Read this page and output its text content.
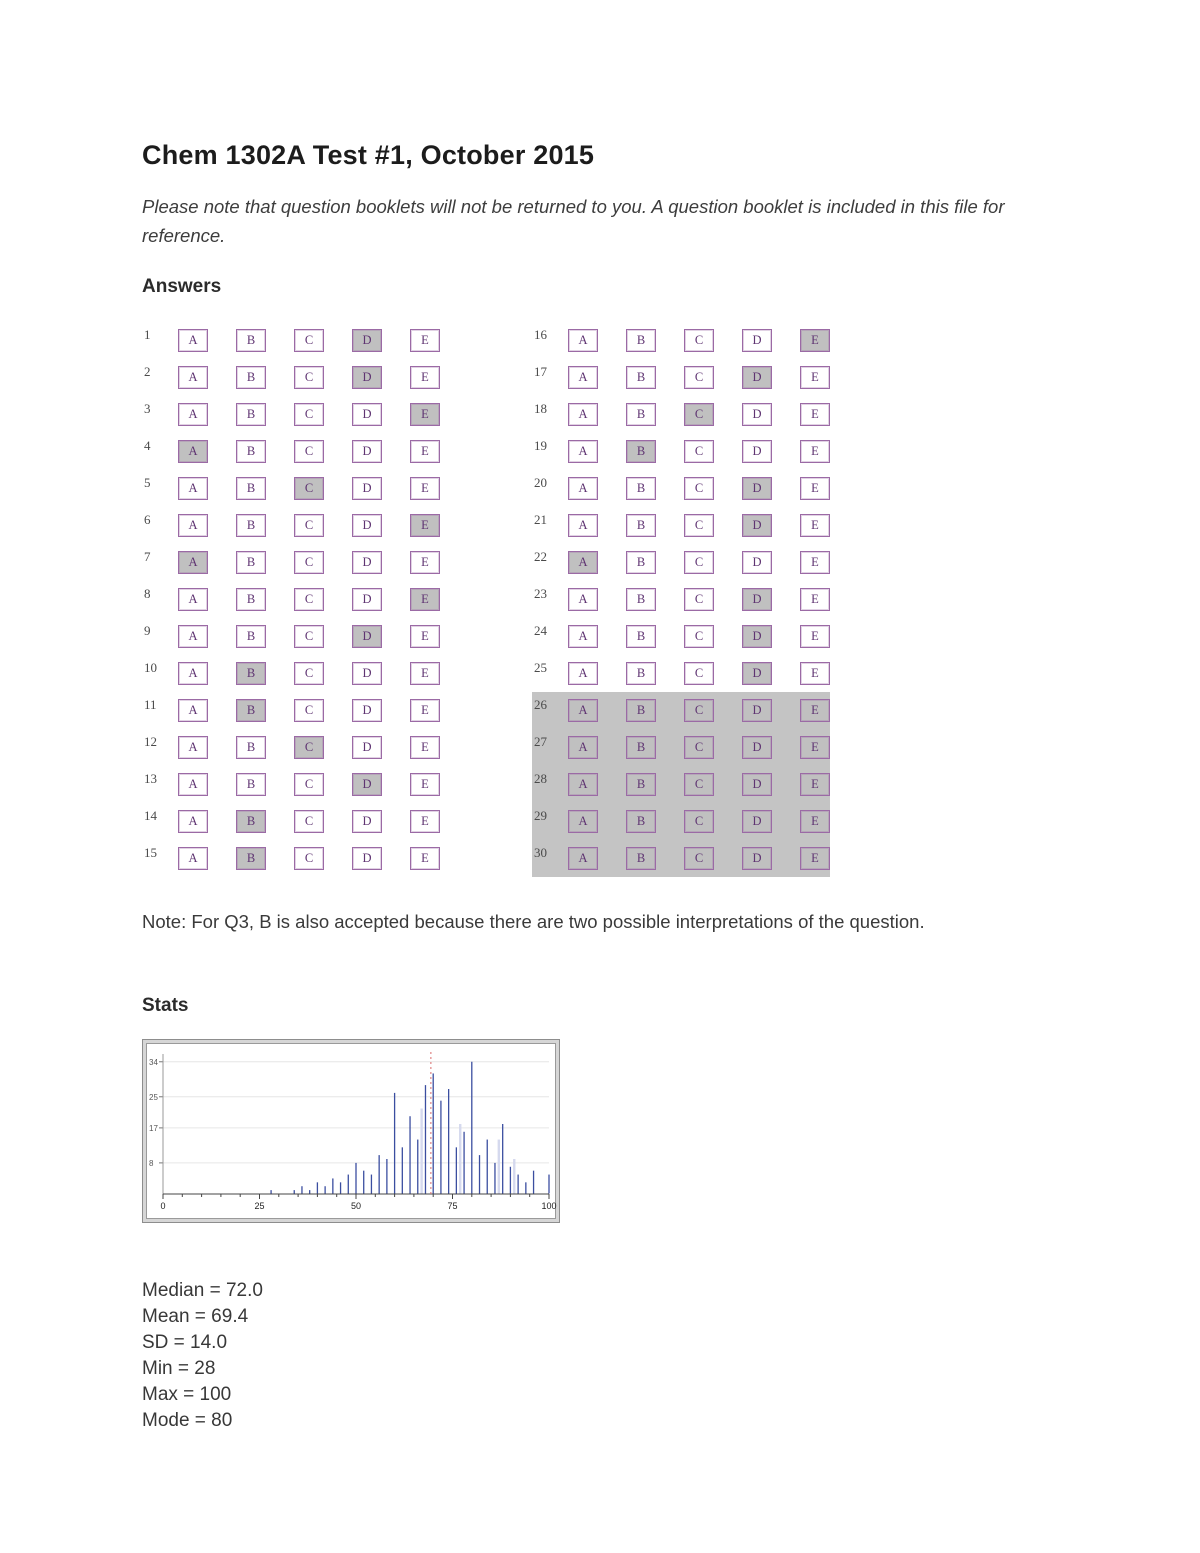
Chem 1302A Test #1, October 2015

Please note that question booklets will not be returned to you. A question booklet is included in this file for reference.

Answers
1	A	B	C	D	E
2	A	B	C	D	E
3	A	B	C	D	E
4	A	B	C	D	E
5	A	B	C	D	E
6	A	B	C	D	E
7	A	B	C	D	E
8	A	B	C	D	E
9	A	B	C	D	E
10	A	B	C	D	E
11	A	B	C	D	E
12	A	B	C	D	E
13	A	B	C	D	E
14	A	B	C	D	E
15	A	B	C	D	E
16	A	B	C	D	E
17	A	B	C	D	E
18	A	B	C	D	E
19	A	B	C	D	E
20	A	B	C	D	E
21	A	B	C	D	E
22	A	B	C	D	E
23	A	B	C	D	E
24	A	B	C	D	E
25	A	B	C	D	E
26	A	B	C	D	E
27	A	B	C	D	E
28	A	B	C	D	E
29	A	B	C	D	E
30	A	B	C	D	E

Note: For Q3, B is also accepted because there are two possible interpretations of the question.

Stats
8
17
25
34
0	25	50	75	100
Median = 72.0
Mean = 69.4
SD = 14.0
Min = 28
Max = 100
Mode = 80
